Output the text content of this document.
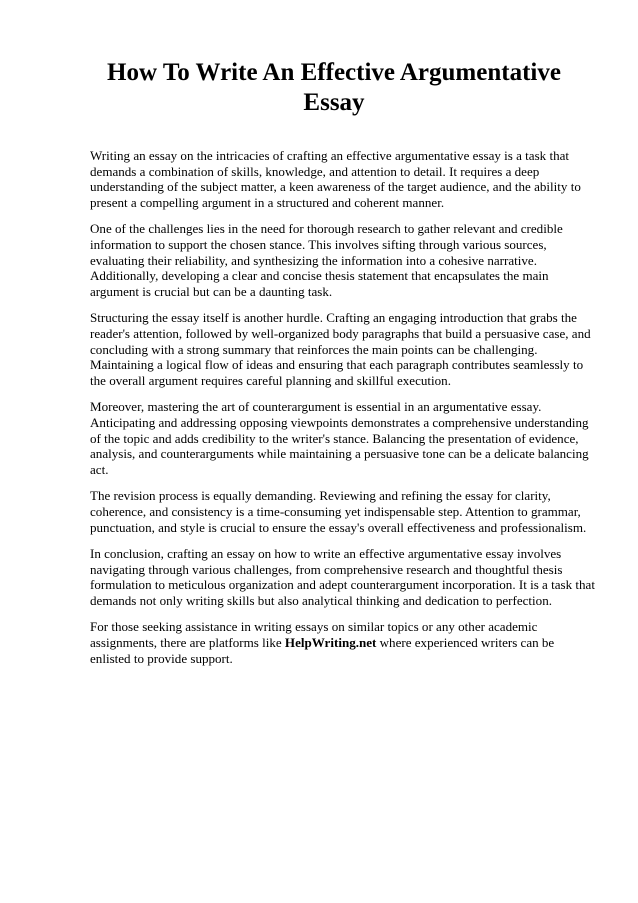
How To Write An Effective Argumentative
Essay

Writing an essay on the intricacies of crafting an effective argumentative essay is a task that
demands a combination of skills, knowledge, and attention to detail. It requires a deep
understanding of the subject matter, a keen awareness of the target audience, and the ability to
present a compelling argument in a structured and coherent manner.

One of the challenges lies in the need for thorough research to gather relevant and credible
information to support the chosen stance. This involves sifting through various sources,
evaluating their reliability, and synthesizing the information into a cohesive narrative.
Additionally, developing a clear and concise thesis statement that encapsulates the main
argument is crucial but can be a daunting task.

Structuring the essay itself is another hurdle. Crafting an engaging introduction that grabs the
reader's attention, followed by well-organized body paragraphs that build a persuasive case, and
concluding with a strong summary that reinforces the main points can be challenging.
Maintaining a logical flow of ideas and ensuring that each paragraph contributes seamlessly to
the overall argument requires careful planning and skillful execution.

Moreover, mastering the art of counterargument is essential in an argumentative essay.
Anticipating and addressing opposing viewpoints demonstrates a comprehensive understanding
of the topic and adds credibility to the writer's stance. Balancing the presentation of evidence,
analysis, and counterarguments while maintaining a persuasive tone can be a delicate balancing
act.

The revision process is equally demanding. Reviewing and refining the essay for clarity,
coherence, and consistency is a time-consuming yet indispensable step. Attention to grammar,
punctuation, and style is crucial to ensure the essay's overall effectiveness and professionalism.

In conclusion, crafting an essay on how to write an effective argumentative essay involves
navigating through various challenges, from comprehensive research and thoughtful thesis
formulation to meticulous organization and adept counterargument incorporation. It is a task that
demands not only writing skills but also analytical thinking and dedication to perfection.

For those seeking assistance in writing essays on similar topics or any other academic
assignments, there are platforms like HelpWriting.net where experienced writers can be
enlisted to provide support.
